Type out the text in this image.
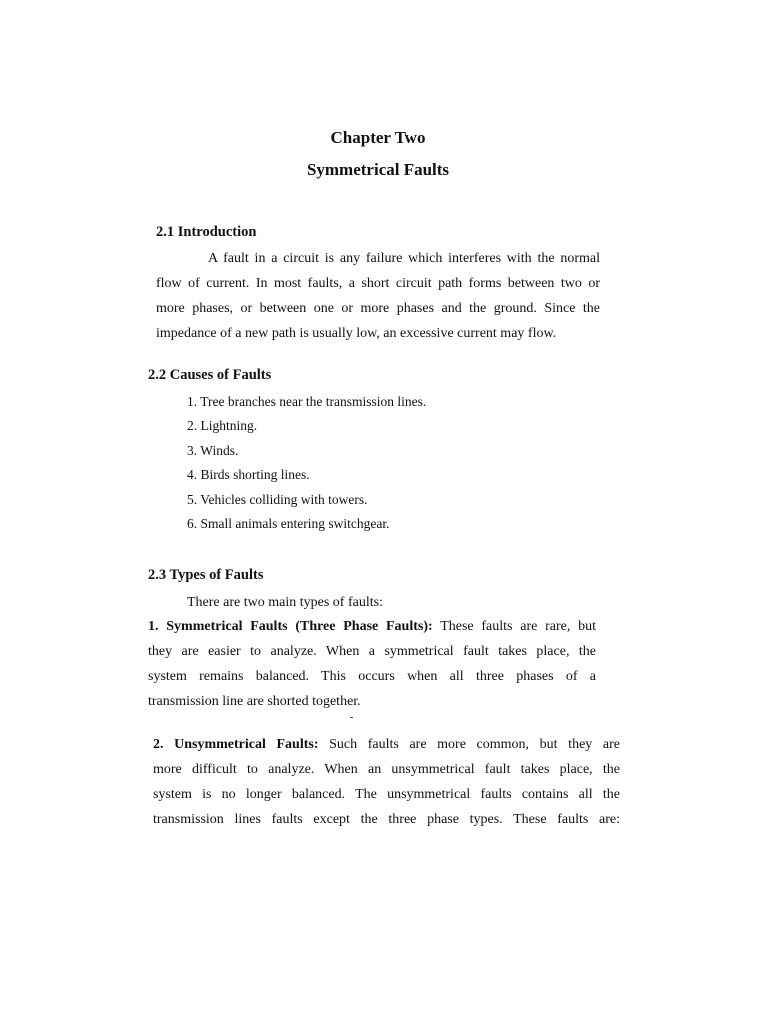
Chapter Two
Symmetrical Faults
2.1 Introduction
A fault in a circuit is any failure which interferes with the normal
flow of current. In most faults, a short circuit path forms between two or
more phases, or between one or more phases and the ground. Since the
impedance of a new path is usually low, an excessive current may flow.
2.2 Causes of Faults
1. Tree branches near the transmission lines.
2. Lightning.
3. Winds.
4. Birds shorting lines.
5. Vehicles colliding with towers.
6. Small animals entering switchgear.
2.3 Types of Faults
There are two main types of faults:
1. Symmetrical Faults (Three Phase Faults): These faults are rare, but
they are easier to analyze. When a symmetrical fault takes place, the
system remains balanced. This occurs when all three phases of a
transmission line are shorted together.
-
2. Unsymmetrical Faults: Such faults are more common, but they are
more difficult to analyze. When an unsymmetrical fault takes place, the
system is no longer balanced. The unsymmetrical faults contains all the
transmission lines faults except the three phase types. These faults are:
